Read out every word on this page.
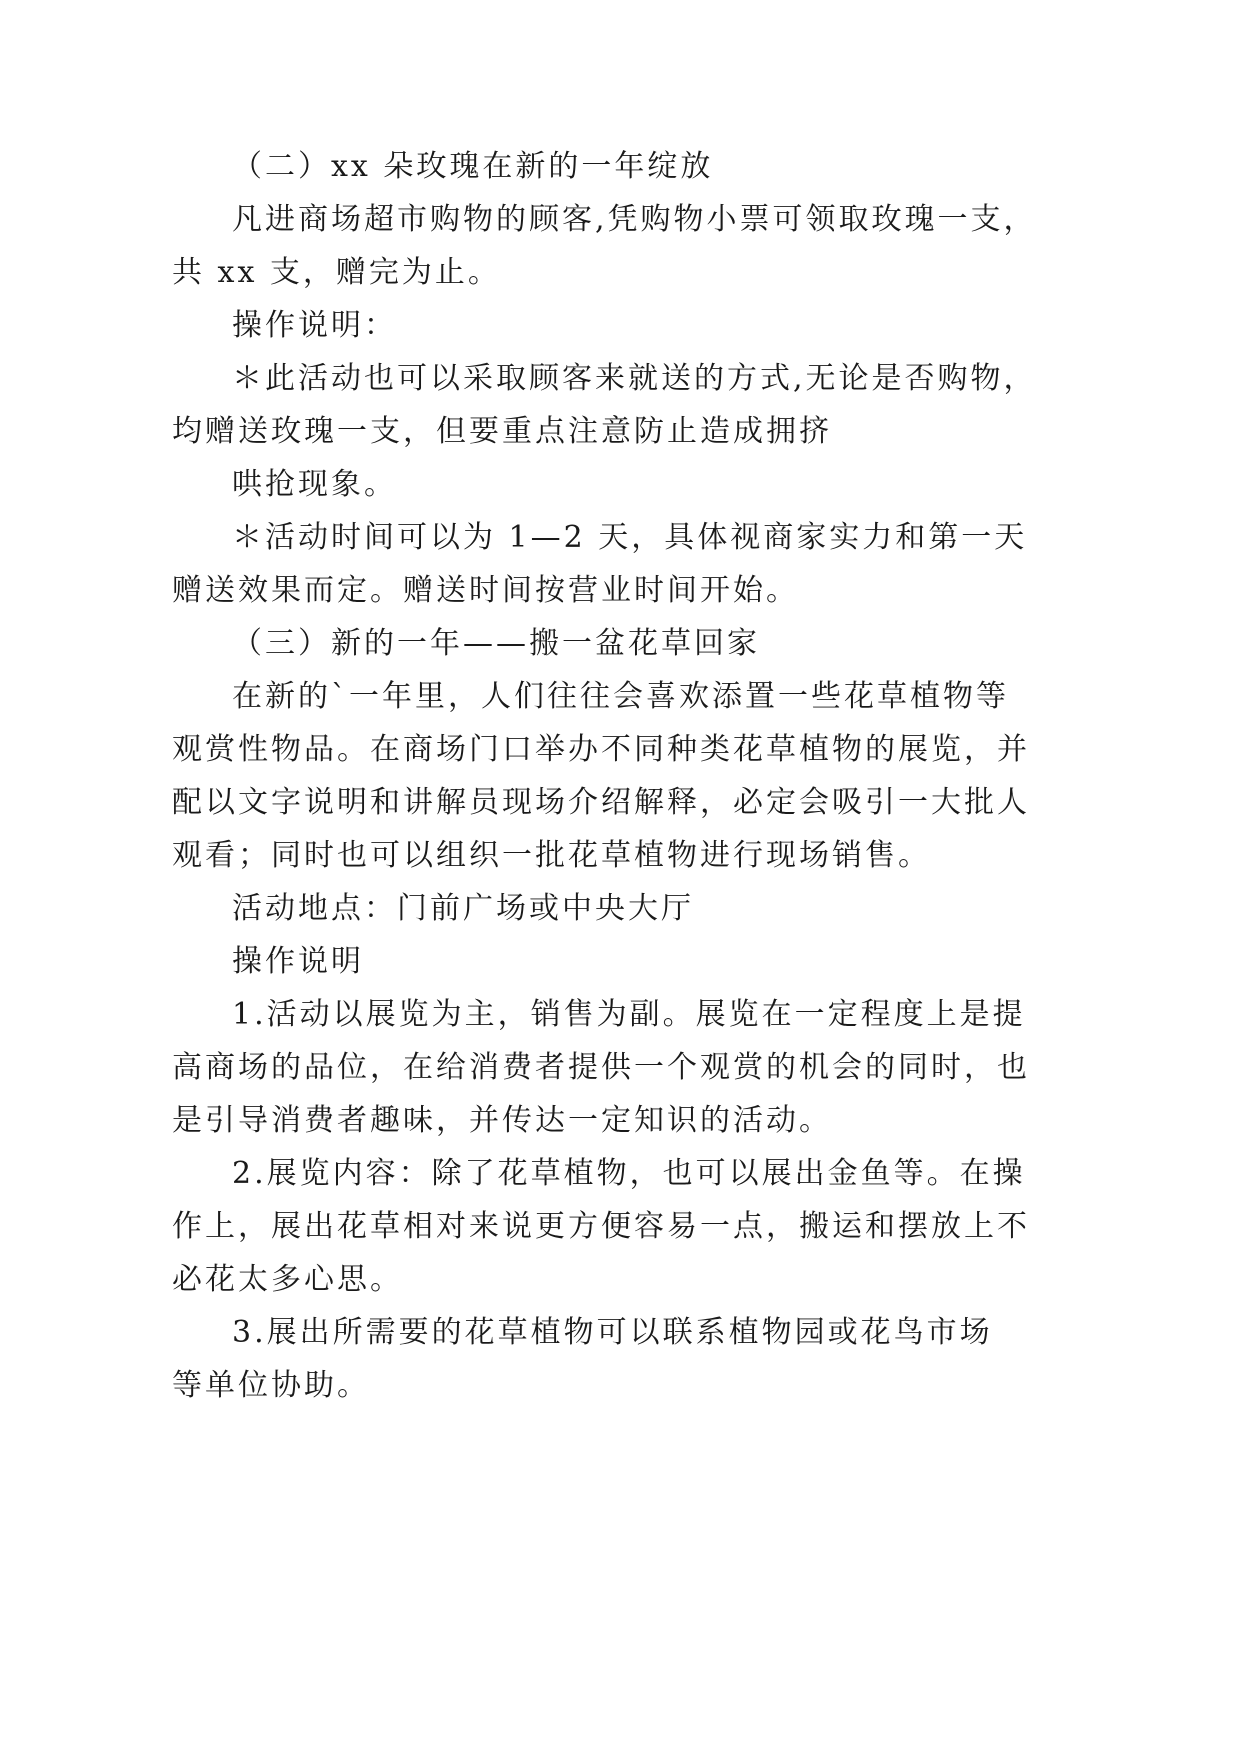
（二）xx 朵玫瑰在新的一年绽放

凡进商场超市购物的顾客,凭购物小票可领取玫瑰一支，

共 xx 支，赠完为止。

操作说明：

＊此活动也可以采取顾客来就送的方式,无论是否购物，

均赠送玫瑰一支，但要重点注意防止造成拥挤

哄抢现象。

＊活动时间可以为 1—2 天，具体视商家实力和第一天

赠送效果而定。赠送时间按营业时间开始。

（三）新的一年——搬一盆花草回家

在新的`一年里，人们往往会喜欢添置一些花草植物等

观赏性物品。在商场门口举办不同种类花草植物的展览，并

配以文字说明和讲解员现场介绍解释，必定会吸引一大批人

观看；同时也可以组织一批花草植物进行现场销售。

活动地点：门前广场或中央大厅

操作说明

1.活动以展览为主，销售为副。展览在一定程度上是提

高商场的品位，在给消费者提供一个观赏的机会的同时，也

是引导消费者趣味，并传达一定知识的活动。

2.展览内容：除了花草植物，也可以展出金鱼等。在操

作上，展出花草相对来说更方便容易一点，搬运和摆放上不

必花太多心思。

3.展出所需要的花草植物可以联系植物园或花鸟市场

等单位协助。
